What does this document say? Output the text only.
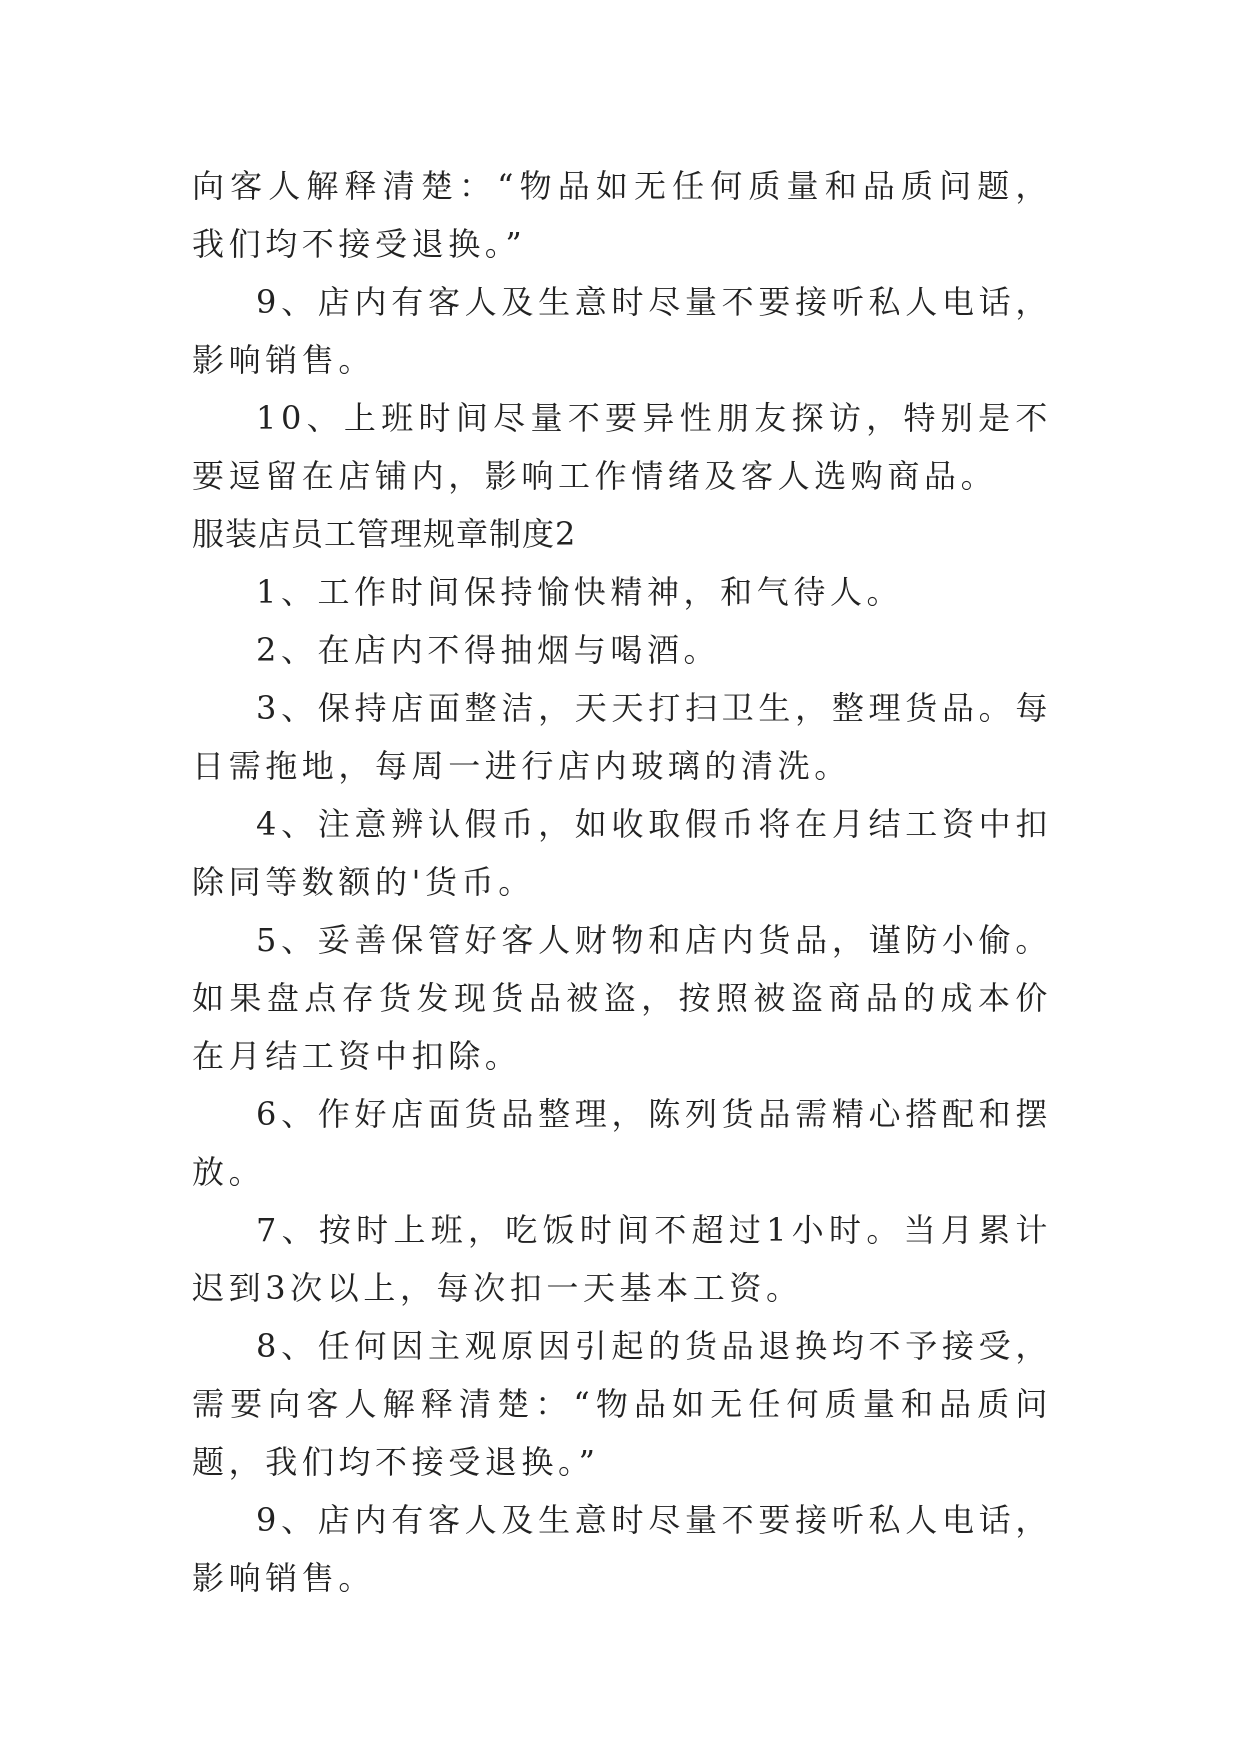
向客人解释清楚：“物品如无任何质量和品质问题，我们均不接受退换。”

9、店内有客人及生意时尽量不要接听私人电话，影响销售。

10、上班时间尽量不要异性朋友探访，特别是不要逗留在店铺内，影响工作情绪及客人选购商品。

服装店员工管理规章制度2

1、工作时间保持愉快精神，和气待人。

2、在店内不得抽烟与喝酒。

3、保持店面整洁，天天打扫卫生，整理货品。每日需拖地，每周一进行店内玻璃的清洗。

4、注意辨认假币，如收取假币将在月结工资中扣除同等数额的'货币。

5、妥善保管好客人财物和店内货品，谨防小偷。如果盘点存货发现货品被盗，按照被盗商品的成本价在月结工资中扣除。

6、作好店面货品整理，陈列货品需精心搭配和摆放。

7、按时上班，吃饭时间不超过1小时。当月累计迟到3次以上，每次扣一天基本工资。

8、任何因主观原因引起的货品退换均不予接受，需要向客人解释清楚：“物品如无任何质量和品质问题，我们均不接受退换。”

9、店内有客人及生意时尽量不要接听私人电话，影响销售。
